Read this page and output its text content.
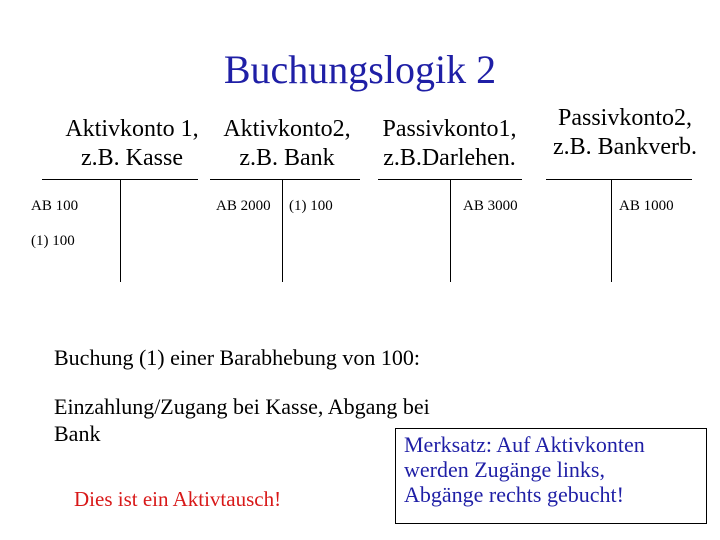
Buchungslogik 2
Aktivkonto 1,
z.B. Kasse
AB 100
(1) 100
Aktivkonto2,
z.B. Bank
AB 2000 (1) 100
Passivkonto1,
z.B.Darlehen.
AB 3000
Passivkonto2,
z.B. Bankverb.
AB 1000
Buchung (1) einer Barabhebung von 100:
Einzahlung/Zugang bei Kasse, Abgang bei
Bank
Dies ist ein Aktivtausch!
Merksatz: Auf Aktivkonten
werden Zugänge links,
Abgänge rechts gebucht!
